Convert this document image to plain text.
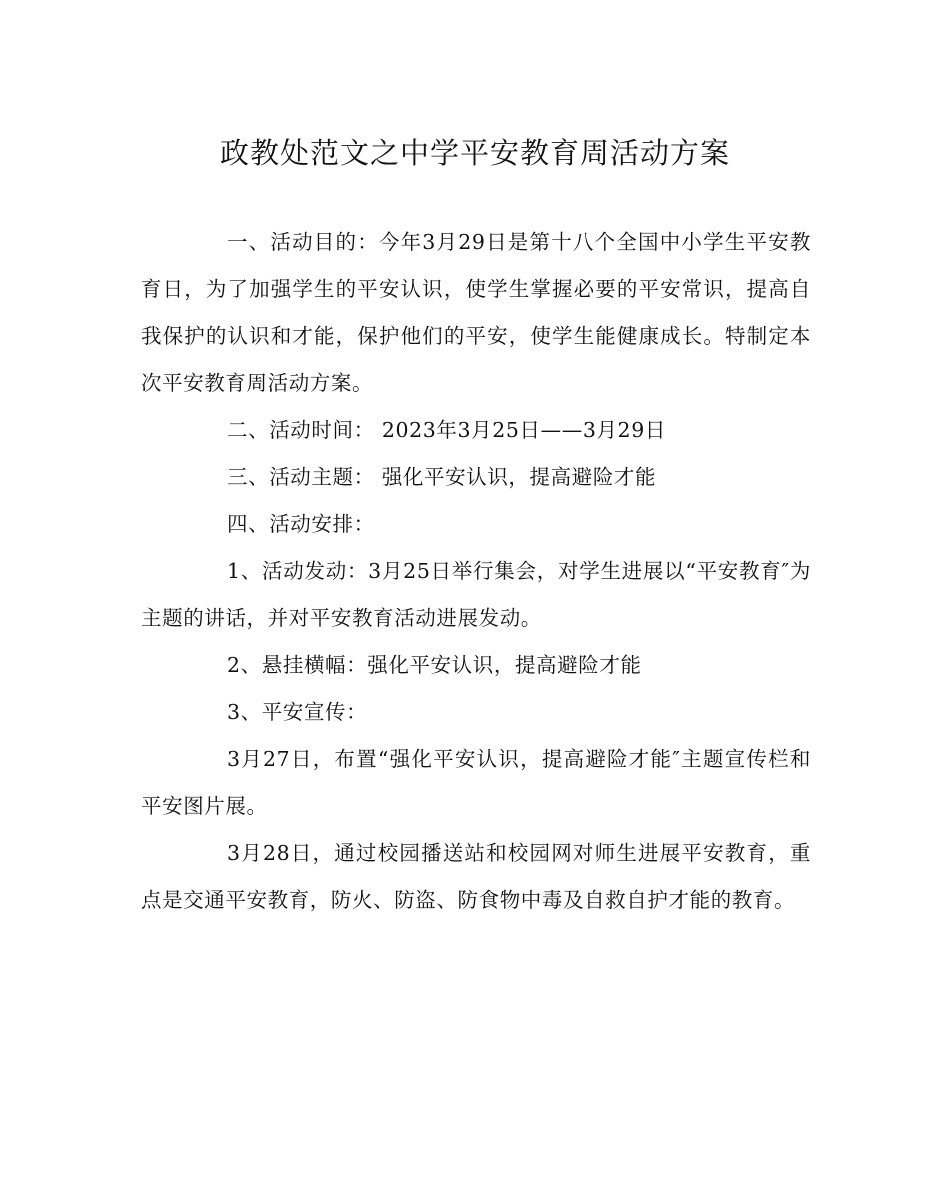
政教处范文之中学平安教育周活动方案

一、活动目的：今年3月29日是第十八个全国中小学生平安教育日，为了加强学生的平安认识，使学生掌握必要的平安常识，提高自我保护的认识和才能，保护他们的平安，使学生能健康成长。特制定本次平安教育周活动方案。

二、活动时间： 2023年3月25日——3月29日

三、活动主题： 强化平安认识，提高避险才能

四、活动安排：

1、活动发动：3月25日举行集会，对学生进展以“平安教育″为主题的讲话，并对平安教育活动进展发动。

2、悬挂横幅：强化平安认识，提高避险才能

3、平安宣传：

3月27日，布置“强化平安认识，提高避险才能″主题宣传栏和平安图片展。

3月28日，通过校园播送站和校园网对师生进展平安教育，重点是交通平安教育，防火、防盗、防食物中毒及自救自护才能的教育。
